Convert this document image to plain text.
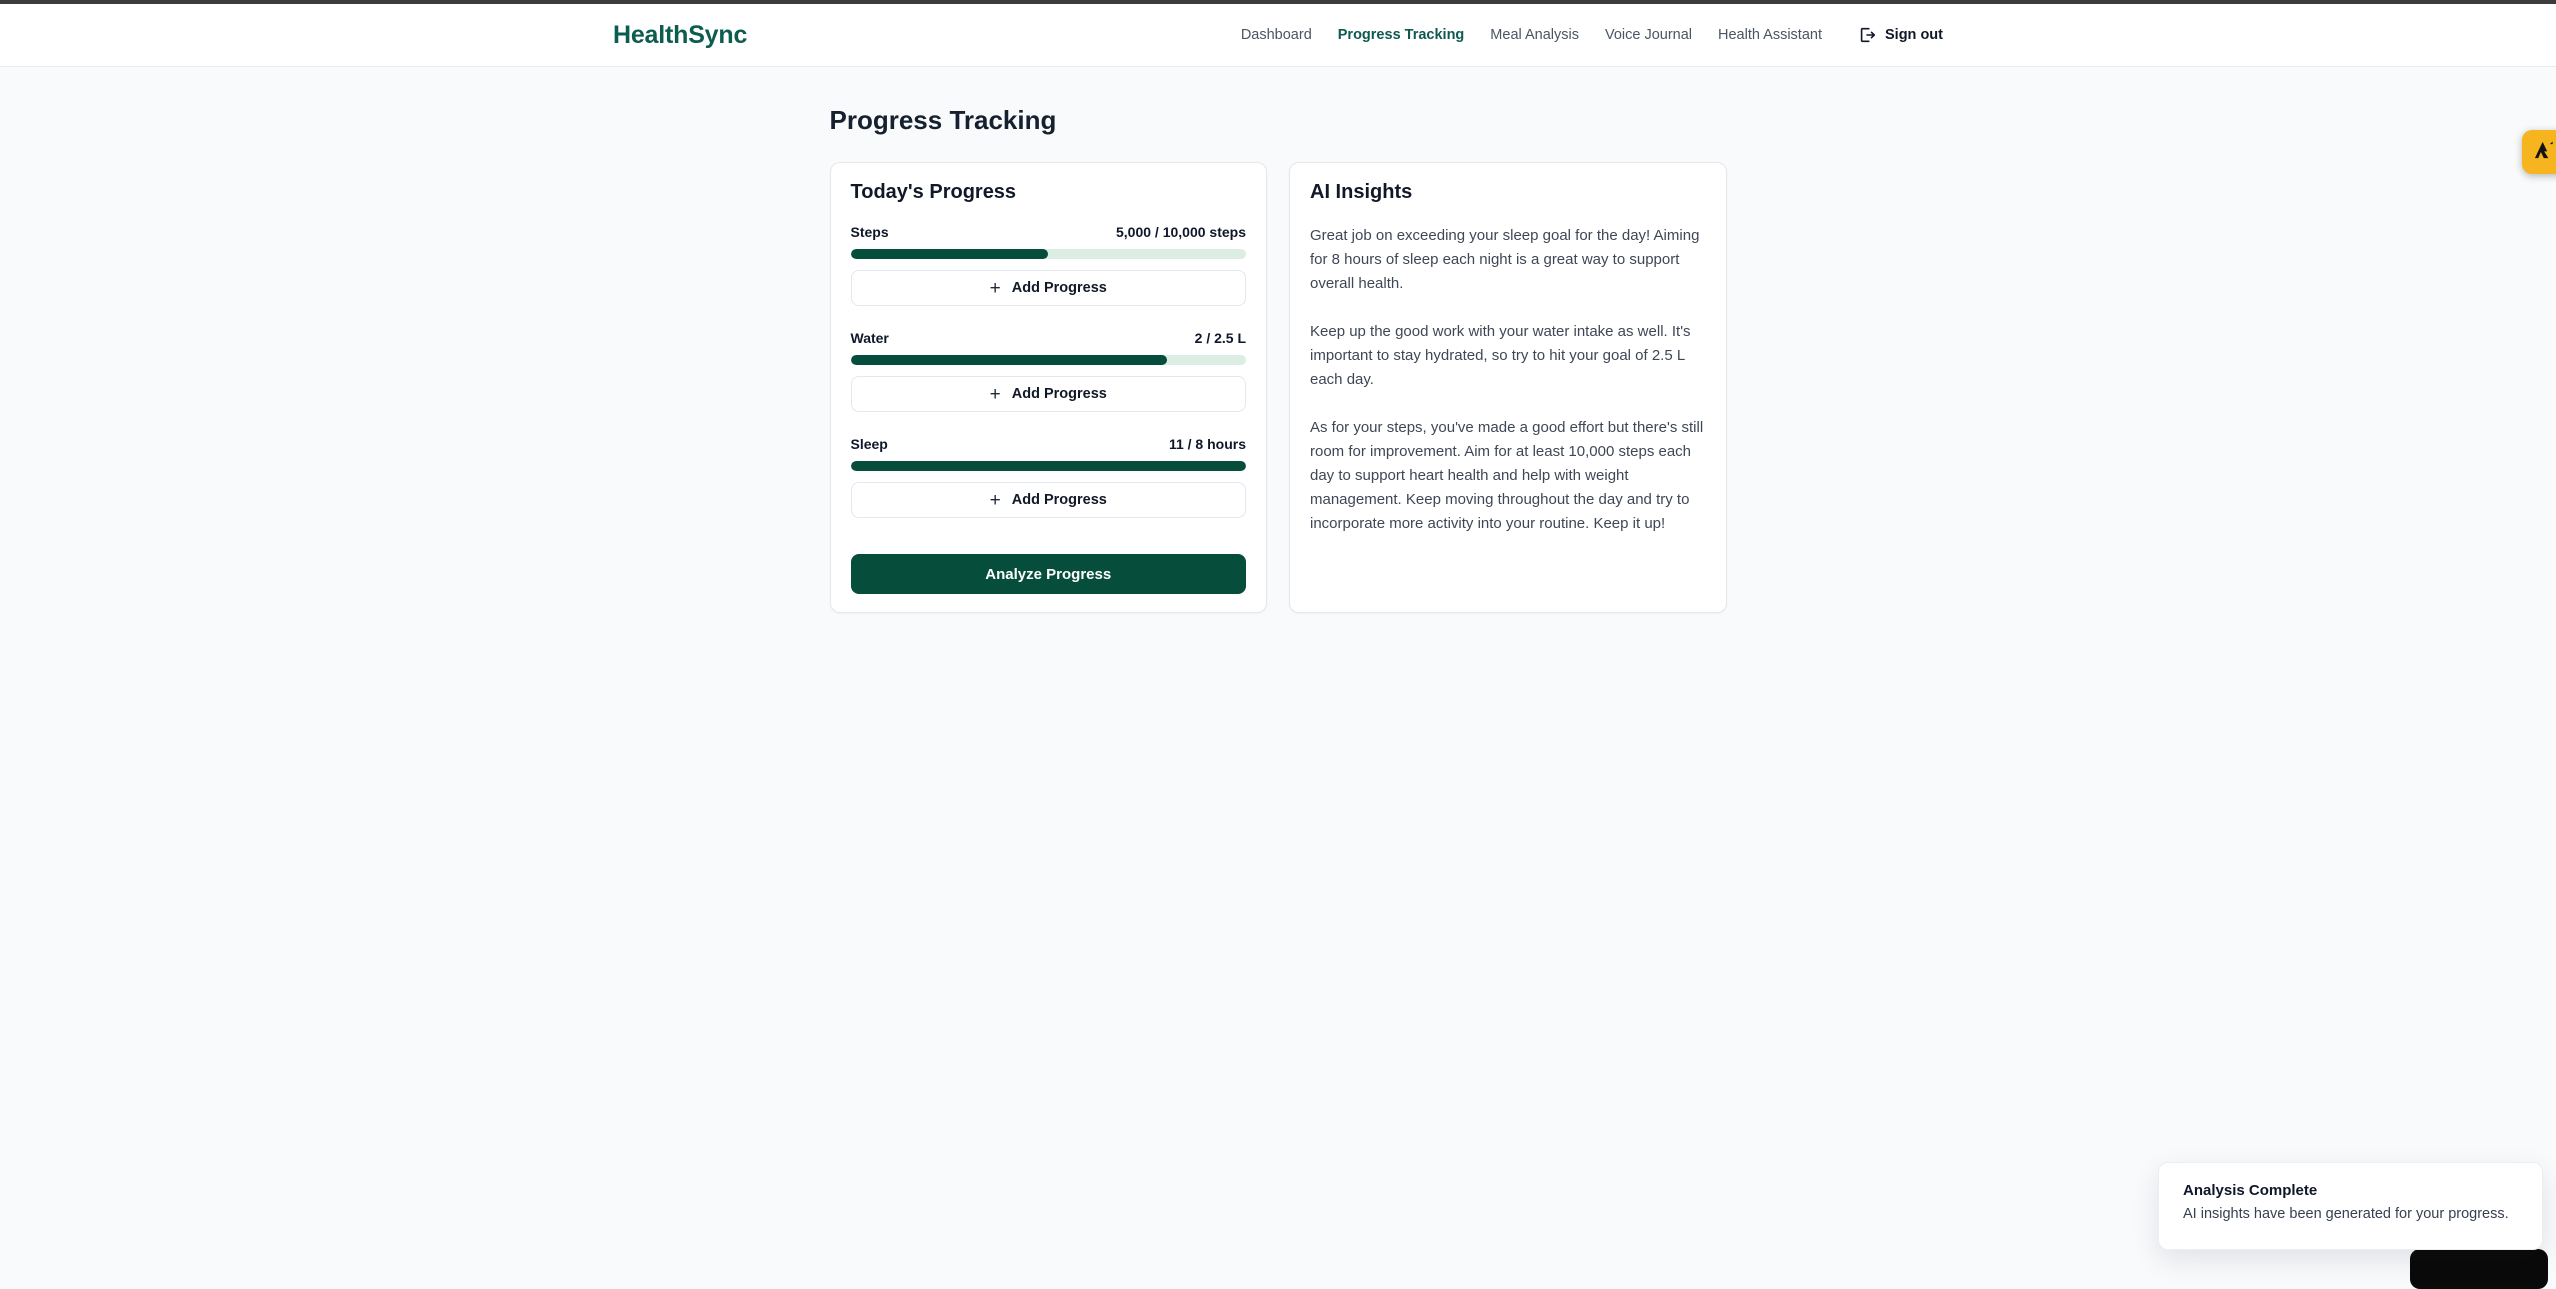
HealthSync	Dashboard Progress Tracking Meal Analysis Voice Journal Health Assistant	Sign out
Progress Tracking
Today's Progress
Steps	5,000 / 10,000 steps
+ Add Progress
Water	2 / 2.5 L
+ Add Progress
Sleep	11 / 8 hours
+ Add Progress
Analyze Progress
AI Insights

Great job on exceeding your sleep goal for the day! Aiming for 8 hours of sleep each night is a great way to support overall health.

Keep up the good work with your water intake as well. It's important to stay hydrated, so try to hit your goal of 2.5 L each day.

As for your steps, you've made a good effort but there's still room for improvement. Aim for at least 10,000 steps each day to support heart health and help with weight management. Keep moving throughout the day and try to incorporate more activity into your routine. Keep it up!

Analysis Complete
AI insights have been generated for your progress.
